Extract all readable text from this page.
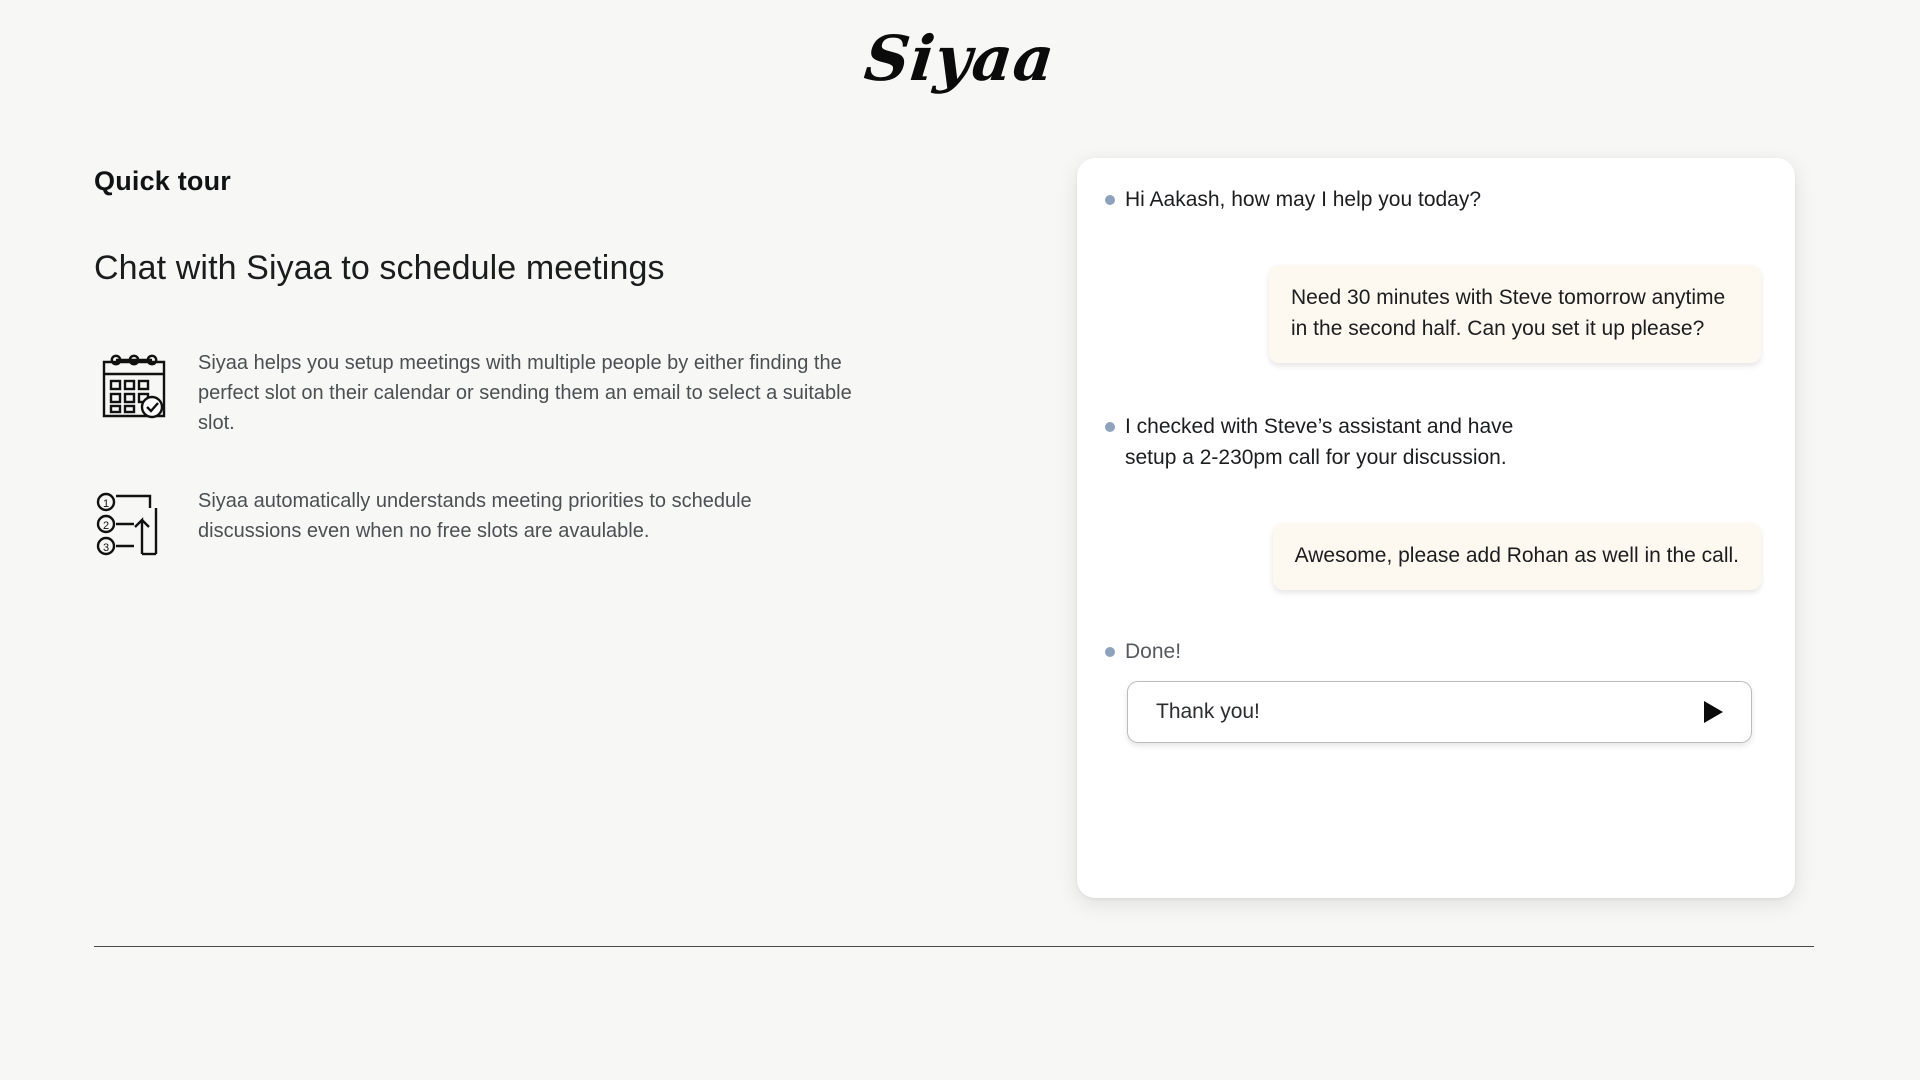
Siyaa
Quick tour
Chat with Siyaa to schedule meetings
Siyaa helps you setup meetings with multiple people by either finding the perfect slot on their calendar or sending them an email to select a suitable slot.
1
2
3
Siyaa automatically understands meeting priorities to schedule discussions even when no free slots are avaulable.
Hi Aakash, how may I help you today?
Need 30 minutes with Steve tomorrow anytime in the second half. Can you set it up please?
I checked with Steve’s assistant and have setup a 2-230pm call for your discussion.
Awesome, please add Rohan as well in the call.
Done!
Thank you!
